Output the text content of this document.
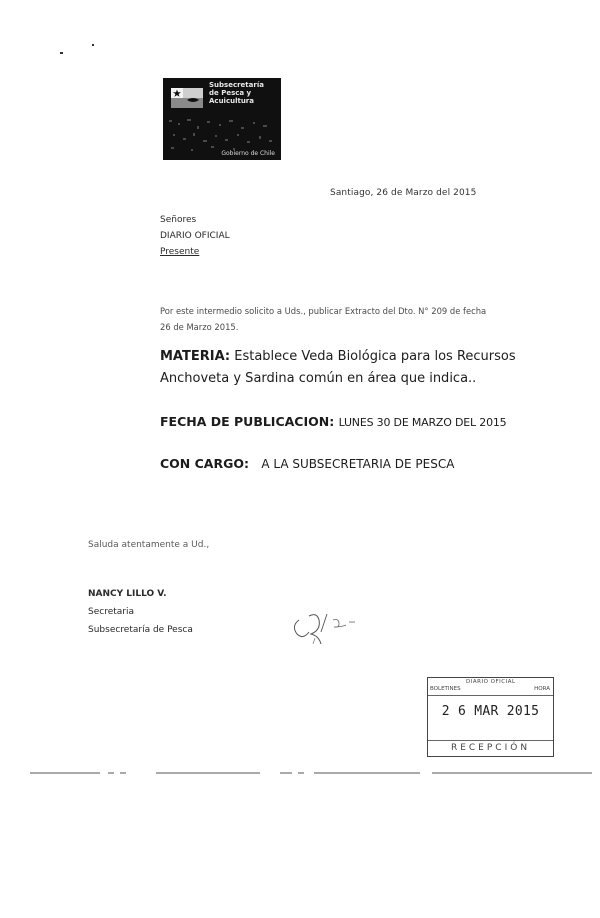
Subsecretaría
de Pesca y
Acuicultura
Gobierno de Chile
Santiago, 26 de Marzo del 2015
Señores
DIARIO OFICIAL
Presente
Por este intermedio solicito a Uds., publicar Extracto del Dto. N° 209 de fecha 26 de Marzo 2015.
MATERIA: Establece Veda Biológica para los Recursos Anchoveta y Sardina común en área que indica..
FECHA DE PUBLICACION: LUNES 30 DE MARZO DEL 2015
CON CARGO: A LA SUBSECRETARIA DE PESCA
Saluda atentamente a Ud.,
NANCY LILLO V.
Secretaria
Subsecretaría de Pesca
BOLETINES
DIARIO OFICIAL
HORA
2 6 MAR 2015
RECEPCIÓN
